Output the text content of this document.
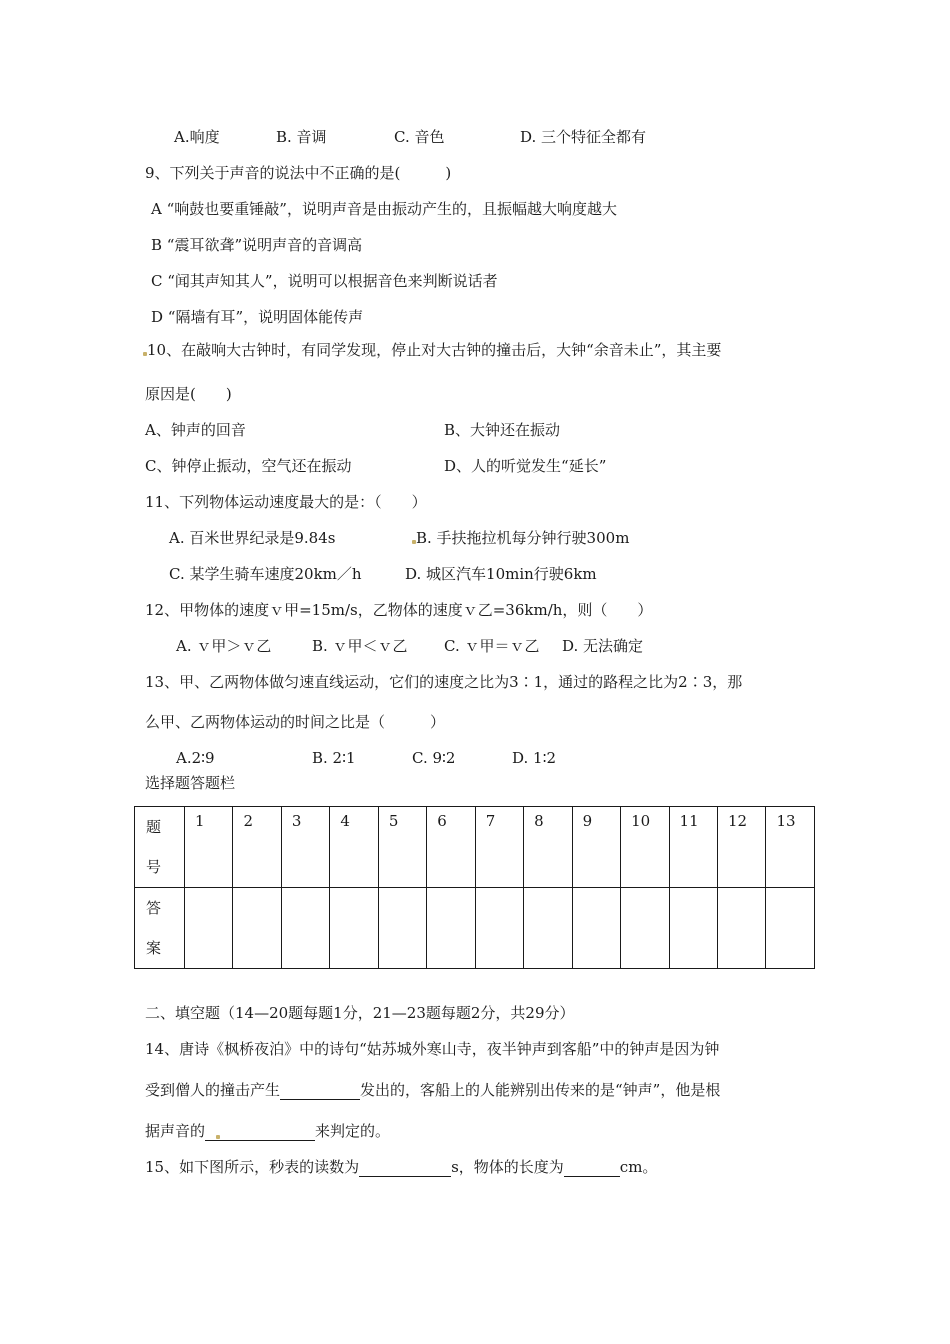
A.响度	B. 音调	C. 音色	D. 三个特征全都有
9、下列关于声音的说法中不正确的是(　　　)
A “响鼓也要重锤敲”，说明声音是由振动产生的，且振幅越大响度越大
B “震耳欲聋”说明声音的音调高
C “闻其声知其人”，说明可以根据音色来判断说话者
D “隔墙有耳”，说明固体能传声
10、在敲响大古钟时，有同学发现，停止对大古钟的撞击后，大钟“余音未止”，其主要
原因是(　　)
A、钟声的回音	B、大钟还在振动
C、钟停止振动，空气还在振动	D、人的听觉发生“延长”
11、下列物体运动速度最大的是：（　　）
A. 百米世界纪录是9.84s	B. 手扶拖拉机每分钟行驶300m
C. 某学生骑车速度20km／h	D. 城区汽车10min行驶6km
12、甲物体的速度ｖ甲=15m/s，乙物体的速度ｖ乙=36km/h，则（　　）
A. ｖ甲＞ｖ乙	B. ｖ甲＜ｖ乙 C. ｖ甲＝ｖ乙 D. 无法确定
13、甲、乙两物体做匀速直线运动，它们的速度之比为3∶1，通过的路程之比为2∶3，那
么甲、乙两物体运动的时间之比是（　　　）
A.2∶9	B. 2∶1	C. 9∶2	D. 1∶2
选择题答题栏
题
号	1	2	3	4	5	6	7	8	9	10	11	12	13

答
案													
二、填空题（14—20题每题1分，21—23题每题2分，共29分）
14、唐诗《枫桥夜泊》中的诗句“姑苏城外寒山寺，夜半钟声到客船”中的钟声是因为钟
受到僧人的撞击产生	发出的，客船上的人能辨别出传来的是“钟声”，他是根
据声音的	来判定的。
15、如下图所示，秒表的读数为	s，物体的长度为	cm。
